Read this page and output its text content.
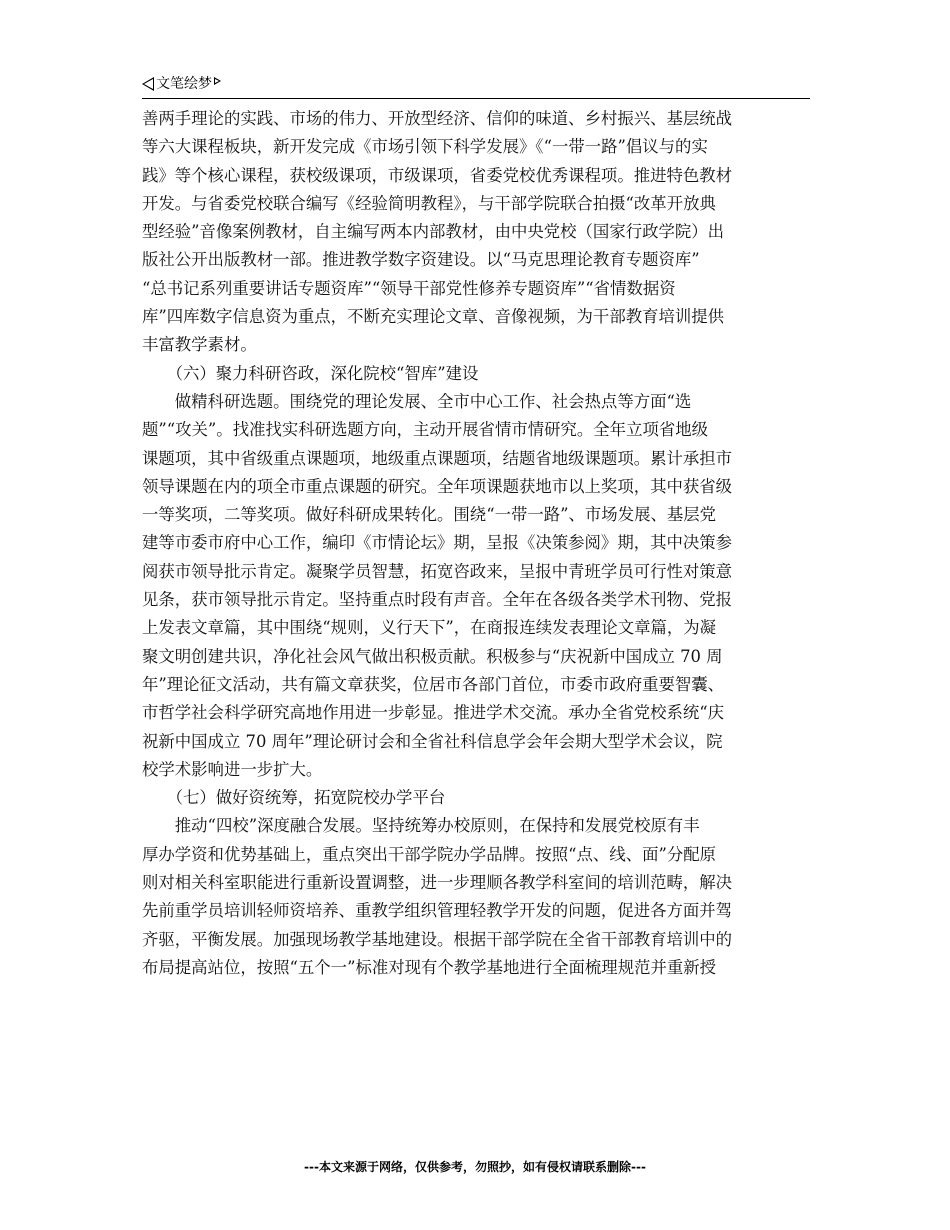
文笔绘梦

善两手理论的实践、市场的伟力、开放型经济、信仰的味道、乡村振兴、基层统战

等六大课程板块，新开发完成《市场引领下科学发展》《“一带一路”倡议与的实

践》等个核心课程，获校级课项，市级课项，省委党校优秀课程项。推进特色教材

开发。与省委党校联合编写《经验简明教程》，与干部学院联合拍摄“改革开放典

型经验”音像案例教材，自主编写两本内部教材，由中央党校（国家行政学院）出

版社公开出版教材一部。推进教学数字资建设。以“马克思理论教育专题资库”

“总书记系列重要讲话专题资库”“领导干部党性修养专题资库”“省情数据资

库”四库数字信息资为重点，不断充实理论文章、音像视频，为干部教育培训提供

丰富教学素材。

　　（六）聚力科研咨政，深化院校“智库”建设

　　做精科研选题。围绕党的理论发展、全市中心工作、社会热点等方面“选

题”“攻关”。找准找实科研选题方向，主动开展省情市情研究。全年立项省地级

课题项，其中省级重点课题项，地级重点课题项，结题省地级课题项。累计承担市

领导课题在内的项全市重点课题的研究。全年项课题获地市以上奖项，其中获省级

一等奖项，二等奖项。做好科研成果转化。围绕“一带一路”、市场发展、基层党

建等市委市府中心工作，编印《市情论坛》期，呈报《决策参阅》期，其中决策参

阅获市领导批示肯定。凝聚学员智慧，拓宽咨政来，呈报中青班学员可行性对策意

见条，获市领导批示肯定。坚持重点时段有声音。全年在各级各类学术刊物、党报

上发表文章篇，其中围绕“规则，义行天下”，在商报连续发表理论文章篇，为凝

聚文明创建共识，净化社会风气做出积极贡献。积极参与“庆祝新中国成立 70 周

年”理论征文活动，共有篇文章获奖，位居市各部门首位，市委市政府重要智囊、

市哲学社会科学研究高地作用进一步彰显。推进学术交流。承办全省党校系统“庆

祝新中国成立 70 周年”理论研讨会和全省社科信息学会年会期大型学术会议，院

校学术影响进一步扩大。

　　（七）做好资统筹，拓宽院校办学平台

　　推动“四校”深度融合发展。坚持统筹办校原则，在保持和发展党校原有丰

厚办学资和优势基础上，重点突出干部学院办学品牌。按照“点、线、面”分配原

则对相关科室职能进行重新设置调整，进一步理顺各教学科室间的培训范畴，解决

先前重学员培训轻师资培养、重教学组织管理轻教学开发的问题，促进各方面并驾

齐驱，平衡发展。加强现场教学基地建设。根据干部学院在全省干部教育培训中的

布局提高站位，按照“五个一”标准对现有个教学基地进行全面梳理规范并重新授

---本文来源于网络，仅供参考，勿照抄，如有侵权请联系删除---
